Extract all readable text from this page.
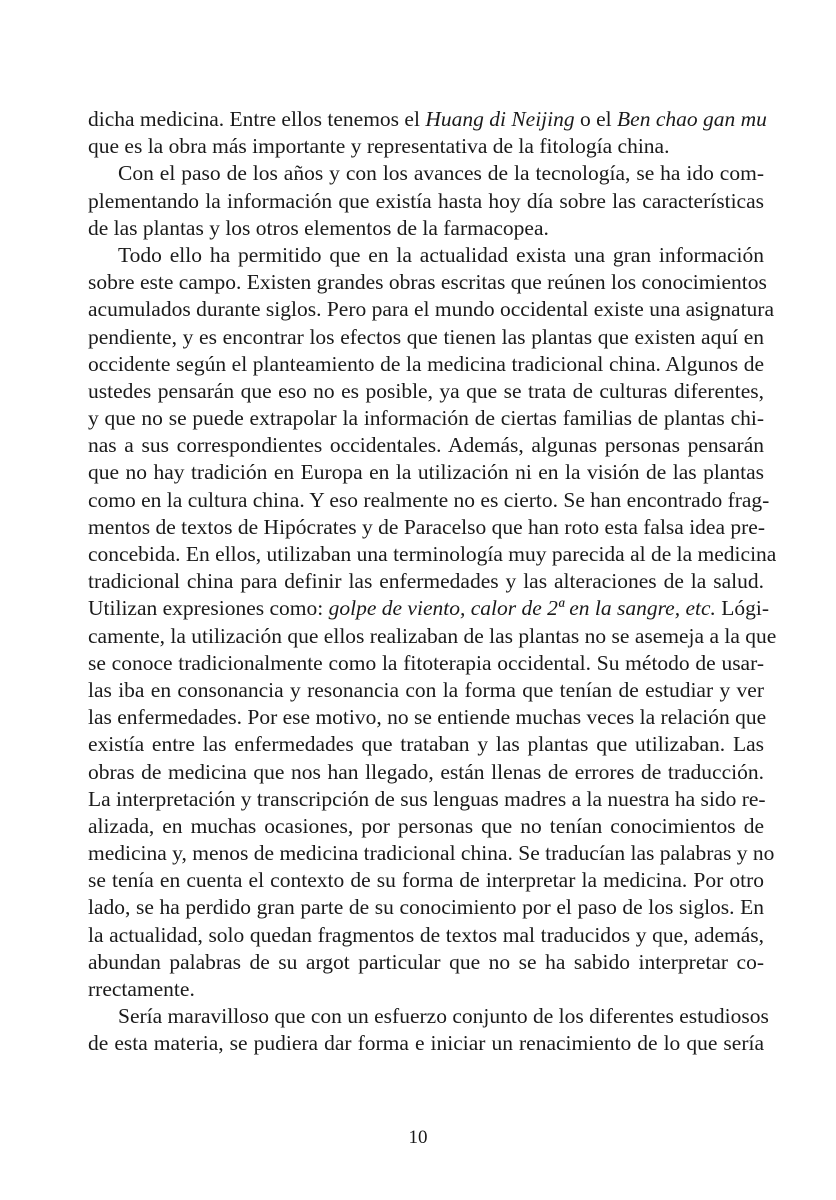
dicha medicina. Entre ellos tenemos el Huang di Neijing o el Ben chao gan mu
que es la obra más importante y representativa de la fitología china.
Con el paso de los años y con los avances de la tecnología, se ha ido com-
plementando la información que existía hasta hoy día sobre las características
de las plantas y los otros elementos de la farmacopea.
Todo ello ha permitido que en la actualidad exista una gran información
sobre este campo. Existen grandes obras escritas que reúnen los conocimientos
acumulados durante siglos. Pero para el mundo occidental existe una asignatura
pendiente, y es encontrar los efectos que tienen las plantas que existen aquí en
occidente según el planteamiento de la medicina tradicional china. Algunos de
ustedes pensarán que eso no es posible, ya que se trata de culturas diferentes,
y que no se puede extrapolar la información de ciertas familias de plantas chi-
nas a sus correspondientes occidentales. Además, algunas personas pensarán
que no hay tradición en Europa en la utilización ni en la visión de las plantas
como en la cultura china. Y eso realmente no es cierto. Se han encontrado frag-
mentos de textos de Hipócrates y de Paracelso que han roto esta falsa idea pre-
concebida. En ellos, utilizaban una terminología muy parecida al de la medicina
tradicional china para definir las enfermedades y las alteraciones de la salud.
Utilizan expresiones como: golpe de viento, calor de 2ª en la sangre, etc. Lógi-
camente, la utilización que ellos realizaban de las plantas no se asemeja a la que
se conoce tradicionalmente como la fitoterapia occidental. Su método de usar-
las iba en consonancia y resonancia con la forma que tenían de estudiar y ver
las enfermedades. Por ese motivo, no se entiende muchas veces la relación que
existía entre las enfermedades que trataban y las plantas que utilizaban. Las
obras de medicina que nos han llegado, están llenas de errores de traducción.
La interpretación y transcripción de sus lenguas madres a la nuestra ha sido re-
alizada, en muchas ocasiones, por personas que no tenían conocimientos de
medicina y, menos de medicina tradicional china. Se traducían las palabras y no
se tenía en cuenta el contexto de su forma de interpretar la medicina. Por otro
lado, se ha perdido gran parte de su conocimiento por el paso de los siglos. En
la actualidad, solo quedan fragmentos de textos mal traducidos y que, además,
abundan palabras de su argot particular que no se ha sabido interpretar co-
rrectamente.
Sería maravilloso que con un esfuerzo conjunto de los diferentes estudiosos
de esta materia, se pudiera dar forma e iniciar un renacimiento de lo que sería
10
